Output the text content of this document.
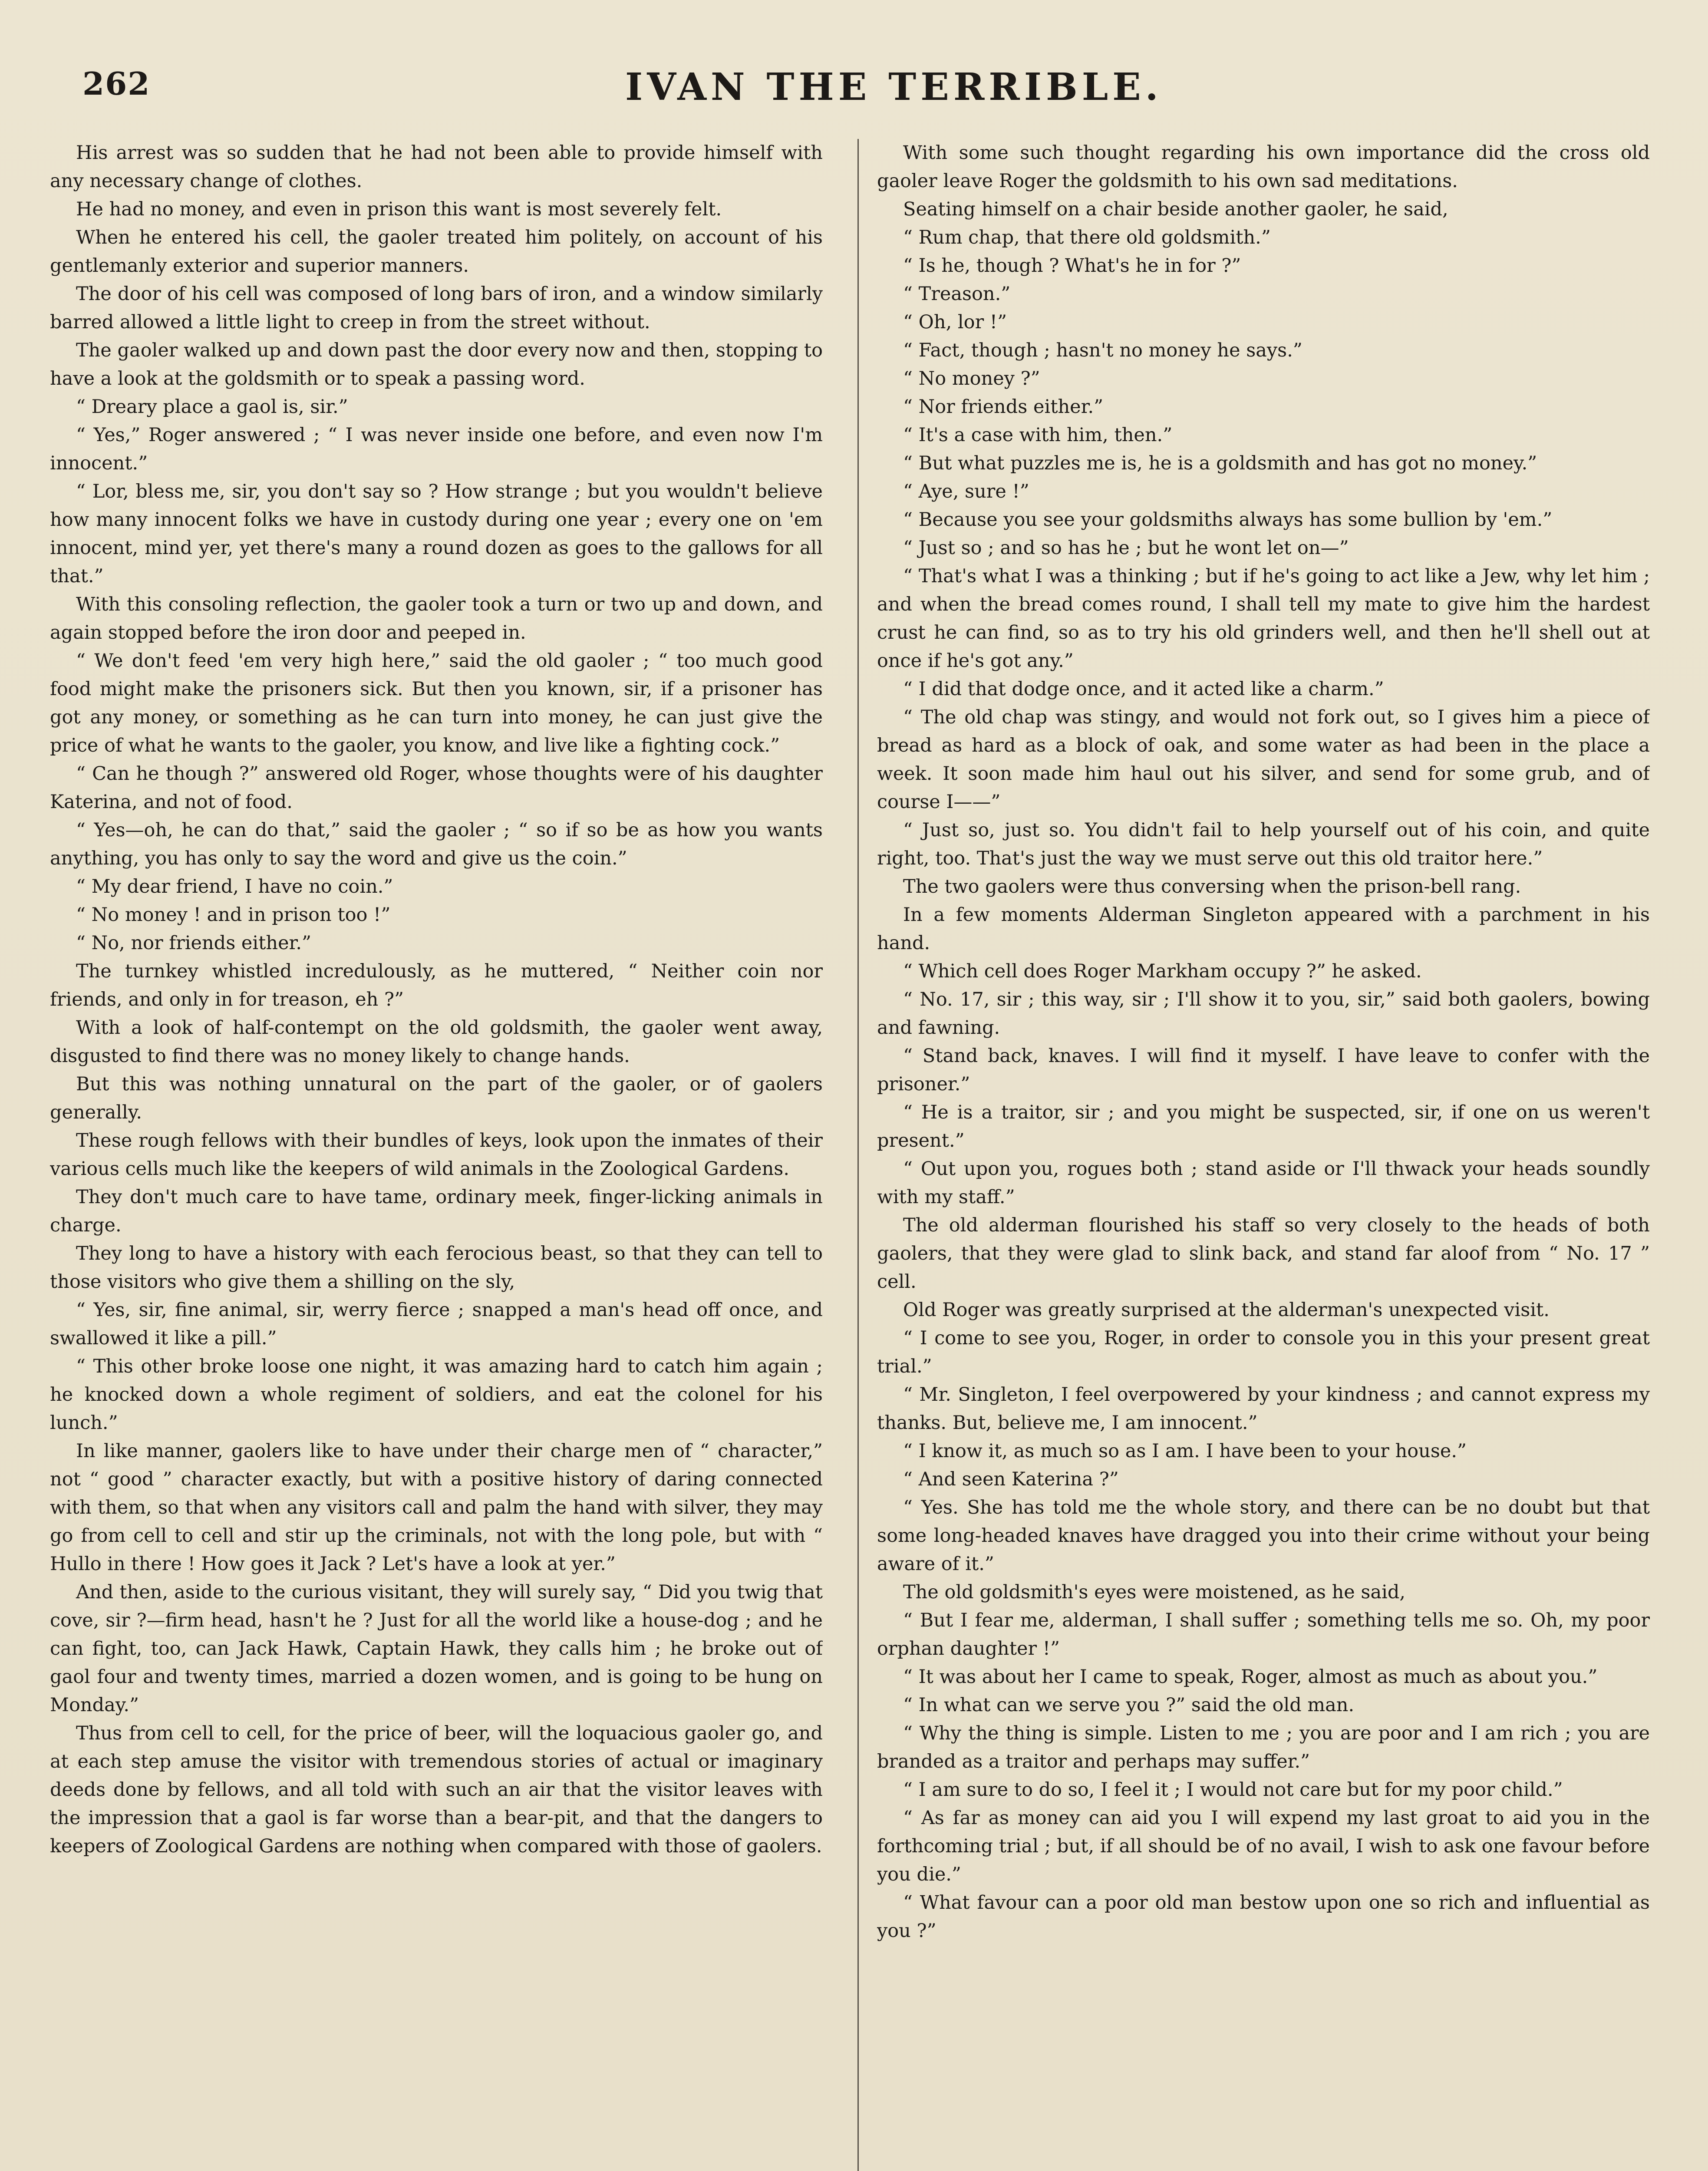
262	IVAN THE TERRIBLE.

His arrest was so sudden that he had not been able to provide himself with any necessary change of clothes.

He had no money, and even in prison this want is most severely felt.

When he entered his cell, the gaoler treated him politely, on account of his gentlemanly exterior and superior manners.

The door of his cell was composed of long bars of iron, and a window similarly barred allowed a little light to creep in from the street without.

The gaoler walked up and down past the door every now and then, stopping to have a look at the goldsmith or to speak a passing word.

“ Dreary place a gaol is, sir.”

“ Yes,” Roger answered ; “ I was never inside one before, and even now I'm innocent.”

“ Lor, bless me, sir, you don't say so ? How strange ; but you wouldn't believe how many innocent folks we have in custody during one year ; every one on 'em innocent, mind yer, yet there's many a round dozen as goes to the gallows for all that.”

With this consoling reflection, the gaoler took a turn or two up and down, and again stopped before the iron door and peeped in.

“ We don't feed 'em very high here,” said the old gaoler ; “ too much good food might make the prisoners sick. But then you known, sir, if a prisoner has got any money, or something as he can turn into money, he can just give the price of what he wants to the gaoler, you know, and live like a fighting cock.”

“ Can he though ?” answered old Roger, whose thoughts were of his daughter Katerina, and not of food.

“ Yes—oh, he can do that,” said the gaoler ; “ so if so be as how you wants anything, you has only to say the word and give us the coin.”

“ My dear friend, I have no coin.”

“ No money ! and in prison too !”

“ No, nor friends either.”

The turnkey whistled incredulously, as he muttered, “ Neither coin nor friends, and only in for treason, eh ?”

With a look of half-contempt on the old goldsmith, the gaoler went away, disgusted to find there was no money likely to change hands.

But this was nothing unnatural on the part of the gaoler, or of gaolers generally.

These rough fellows with their bundles of keys, look upon the inmates of their various cells much like the keepers of wild animals in the Zoological Gardens.

They don't much care to have tame, ordinary meek, finger-licking animals in charge.

They long to have a history with each ferocious beast, so that they can tell to those visitors who give them a shilling on the sly,

“ Yes, sir, fine animal, sir, werry fierce ; snapped a man's head off once, and swallowed it like a pill.”

“ This other broke loose one night, it was amazing hard to catch him again ; he knocked down a whole regiment of soldiers, and eat the colonel for his lunch.”

In like manner, gaolers like to have under their charge men of “ character,” not “ good ” character exactly, but with a positive history of daring connected with them, so that when any visitors call and palm the hand with silver, they may go from cell to cell and stir up the criminals, not with the long pole, but with “ Hullo in there ! How goes it Jack ? Let's have a look at yer.”

And then, aside to the curious visitant, they will surely say, “ Did you twig that cove, sir ?—firm head, hasn't he ? Just for all the world like a house-dog ; and he can fight, too, can Jack Hawk, Captain Hawk, they calls him ; he broke out of gaol four and twenty times, married a dozen women, and is going to be hung on Monday.”

Thus from cell to cell, for the price of beer, will the loquacious gaoler go, and at each step amuse the visitor with tremendous stories of actual or imaginary deeds done by fellows, and all told with such an air that the visitor leaves with the impression that a gaol is far worse than a bear-pit, and that the dangers to keepers of Zoological Gardens are nothing when compared with those of gaolers.

With some such thought regarding his own importance did the cross old gaoler leave Roger the goldsmith to his own sad meditations.

Seating himself on a chair beside another gaoler, he said,

“ Rum chap, that there old goldsmith.”

“ Is he, though ? What's he in for ?”

“ Treason.”

“ Oh, lor !”

“ Fact, though ; hasn't no money he says.”

“ No money ?”

“ Nor friends either.”

“ It's a case with him, then.”

“ But what puzzles me is, he is a goldsmith and has got no money.”

“ Aye, sure !”

“ Because you see your goldsmiths always has some bullion by 'em.”

“ Just so ; and so has he ; but he wont let on—”

“ That's what I was a thinking ; but if he's going to act like a Jew, why let him ; and when the bread comes round, I shall tell my mate to give him the hardest crust he can find, so as to try his old grinders well, and then he'll shell out at once if he's got any.”

“ I did that dodge once, and it acted like a charm.”

“ The old chap was stingy, and would not fork out, so I gives him a piece of bread as hard as a block of oak, and some water as had been in the place a week. It soon made him haul out his silver, and send for some grub, and of course I——”

“ Just so, just so. You didn't fail to help yourself out of his coin, and quite right, too. That's just the way we must serve out this old traitor here.”

The two gaolers were thus conversing when the prison-bell rang.

In a few moments Alderman Singleton appeared with a parchment in his hand.

“ Which cell does Roger Markham occupy ?” he asked.

“ No. 17, sir ; this way, sir ; I'll show it to you, sir,” said both gaolers, bowing and fawning.

“ Stand back, knaves. I will find it myself. I have leave to confer with the prisoner.”

“ He is a traitor, sir ; and you might be suspected, sir, if one on us weren't present.”

“ Out upon you, rogues both ; stand aside or I'll thwack your heads soundly with my staff.”

The old alderman flourished his staff so very closely to the heads of both gaolers, that they were glad to slink back, and stand far aloof from “ No. 17 ” cell.

Old Roger was greatly surprised at the alderman's unexpected visit.

“ I come to see you, Roger, in order to console you in this your present great trial.”

“ Mr. Singleton, I feel overpowered by your kindness ; and cannot express my thanks. But, believe me, I am innocent.”

“ I know it, as much so as I am. I have been to your house.”

“ And seen Katerina ?”

“ Yes. She has told me the whole story, and there can be no doubt but that some long-headed knaves have dragged you into their crime without your being aware of it.”

The old goldsmith's eyes were moistened, as he said,

“ But I fear me, alderman, I shall suffer ; something tells me so. Oh, my poor orphan daughter !”

“ It was about her I came to speak, Roger, almost as much as about you.”

“ In what can we serve you ?” said the old man.

“ Why the thing is simple. Listen to me ; you are poor and I am rich ; you are branded as a traitor and perhaps may suffer.”

“ I am sure to do so, I feel it ; I would not care but for my poor child.”

“ As far as money can aid you I will expend my last groat to aid you in the forthcoming trial ; but, if all should be of no avail, I wish to ask one favour before you die.”

“ What favour can a poor old man bestow upon one so rich and influential as you ?”
